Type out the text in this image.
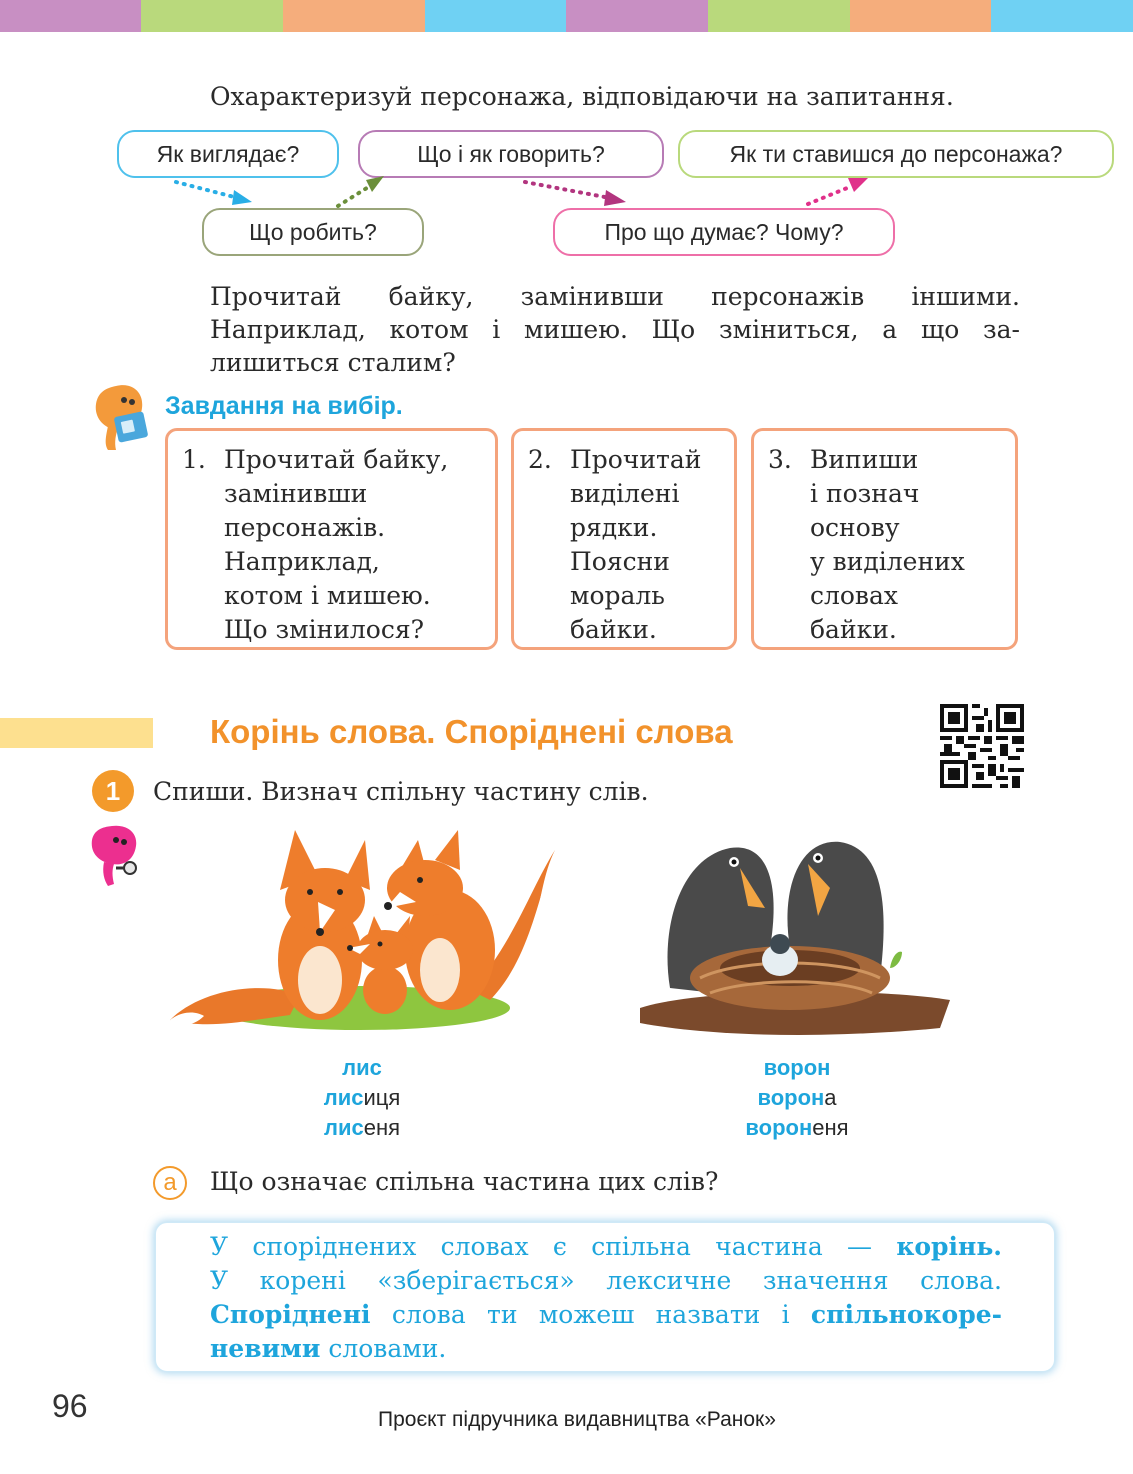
Охарактеризуй персонажа, відповідаючи на запитання.
Як виглядає?	Що і як говорить?	Як ти ставишся до персонажа?
Що робить?	Про що думає? Чому?
Прочитай байку, замінивши персонажів іншими.
Наприклад, котом і мишею. Що зміниться, а що за-
лишиться сталим?
Завдання на вибір.
1. Прочитай байку,
замінивши
персонажів.
Наприклад,
котом і мишею.
Що змінилося?
2. Прочитай
виділені
рядки.
Поясни
мораль
байки.
3. Випиши
і познач
основу
у виділених
словах
байки.
Корінь слова. Споріднені слова
1	Спиши. Визнач спільну частину слів.
лис
лисиця
лисеня
ворон
ворона
вороненя
а	Що означає спільна частина цих слів?
У споріднених словах є спільна частина — корінь.
У корені «зберігається» лексичне значення слова.
Споріднені слова ти можеш назвати і спільнокоре-
невими словами.
96	Проєкт підручника видавництва «Ранок»
